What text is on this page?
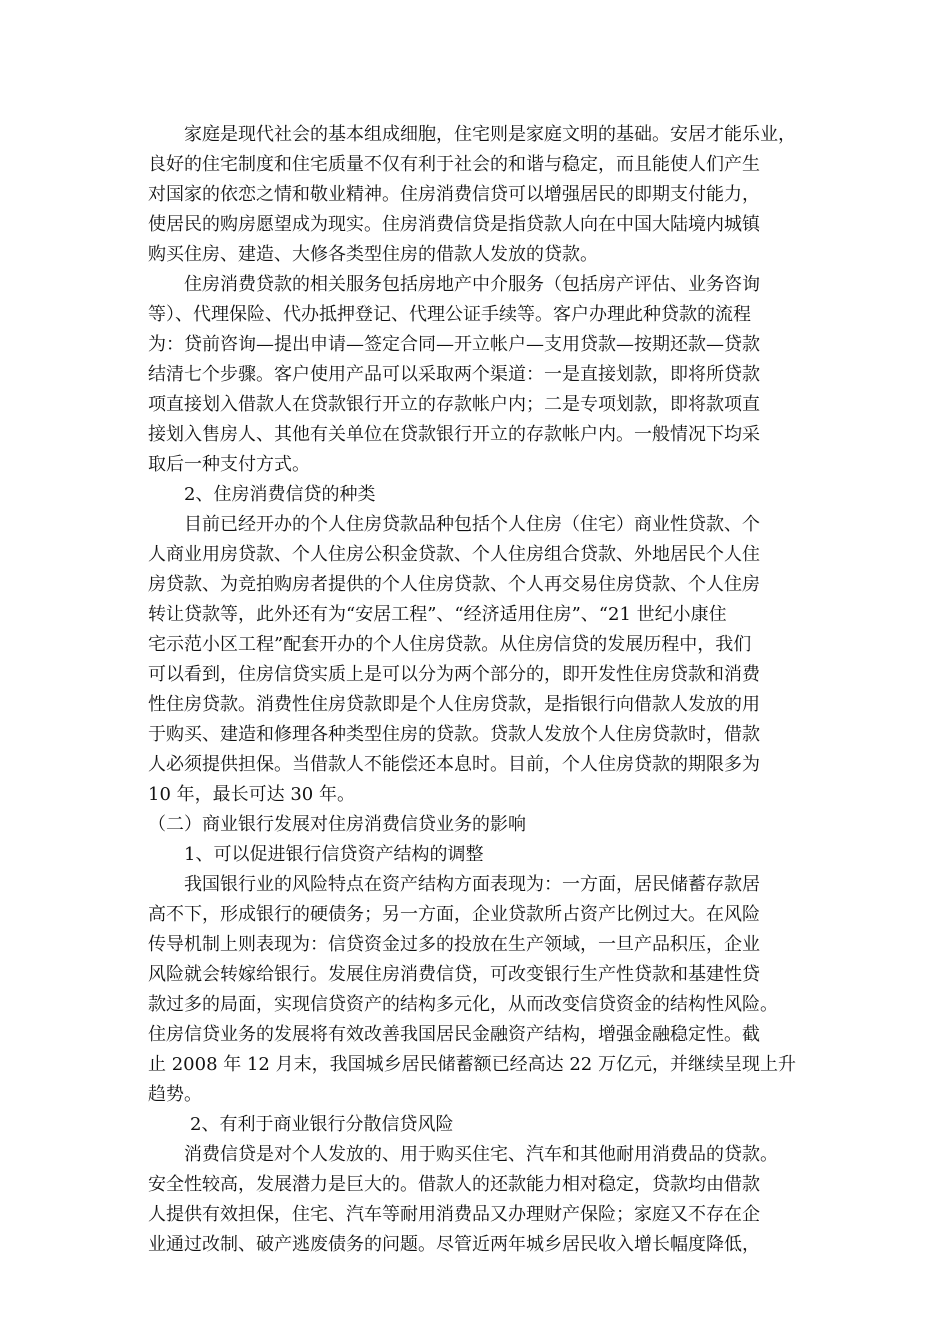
家庭是现代社会的基本组成细胞，住宅则是家庭文明的基础。安居才能乐业，
良好的住宅制度和住宅质量不仅有利于社会的和谐与稳定，而且能使人们产生
对国家的依恋之情和敬业精神。住房消费信贷可以增强居民的即期支付能力，
使居民的购房愿望成为现实。住房消费信贷是指贷款人向在中国大陆境内城镇
购买住房、建造、大修各类型住房的借款人发放的贷款。
住房消费贷款的相关服务包括房地产中介服务（包括房产评估、业务咨询
等）、代理保险、代办抵押登记、代理公证手续等。客户办理此种贷款的流程
为：贷前咨询—提出申请—签定合同—开立帐户—支用贷款—按期还款—贷款
结清七个步骤。客户使用产品可以采取两个渠道：一是直接划款，即将所贷款
项直接划入借款人在贷款银行开立的存款帐户内；二是专项划款，即将款项直
接划入售房人、其他有关单位在贷款银行开立的存款帐户内。一般情况下均采
取后一种支付方式。
2、住房消费信贷的种类
目前已经开办的个人住房贷款品种包括个人住房（住宅）商业性贷款、个
人商业用房贷款、个人住房公积金贷款、个人住房组合贷款、外地居民个人住
房贷款、为竞拍购房者提供的个人住房贷款、个人再交易住房贷款、个人住房
转让贷款等，此外还有为“安居工程”、“经济适用住房”、“21 世纪小康住
宅示范小区工程”配套开办的个人住房贷款。从住房信贷的发展历程中，我们
可以看到，住房信贷实质上是可以分为两个部分的，即开发性住房贷款和消费
性住房贷款。消费性住房贷款即是个人住房贷款，是指银行向借款人发放的用
于购买、建造和修理各种类型住房的贷款。贷款人发放个人住房贷款时，借款
人必须提供担保。当借款人不能偿还本息时。目前，个人住房贷款的期限多为
10 年，最长可达 30 年。
（二）商业银行发展对住房消费信贷业务的影响
1、可以促进银行信贷资产结构的调整
我国银行业的风险特点在资产结构方面表现为：一方面，居民储蓄存款居
高不下，形成银行的硬债务；另一方面，企业贷款所占资产比例过大。在风险
传导机制上则表现为：信贷资金过多的投放在生产领域，一旦产品积压，企业
风险就会转嫁给银行。发展住房消费信贷，可改变银行生产性贷款和基建性贷
款过多的局面，实现信贷资产的结构多元化，从而改变信贷资金的结构性风险。
住房信贷业务的发展将有效改善我国居民金融资产结构，增强金融稳定性。截
止 2008 年 12 月末，我国城乡居民储蓄额已经高达 22 万亿元，并继续呈现上升
趋势。
2、有利于商业银行分散信贷风险
消费信贷是对个人发放的、用于购买住宅、汽车和其他耐用消费品的贷款。
安全性较高，发展潜力是巨大的。借款人的还款能力相对稳定，贷款均由借款
人提供有效担保，住宅、汽车等耐用消费品又办理财产保险；家庭又不存在企
业通过改制、破产逃废债务的问题。尽管近两年城乡居民收入增长幅度降低，
